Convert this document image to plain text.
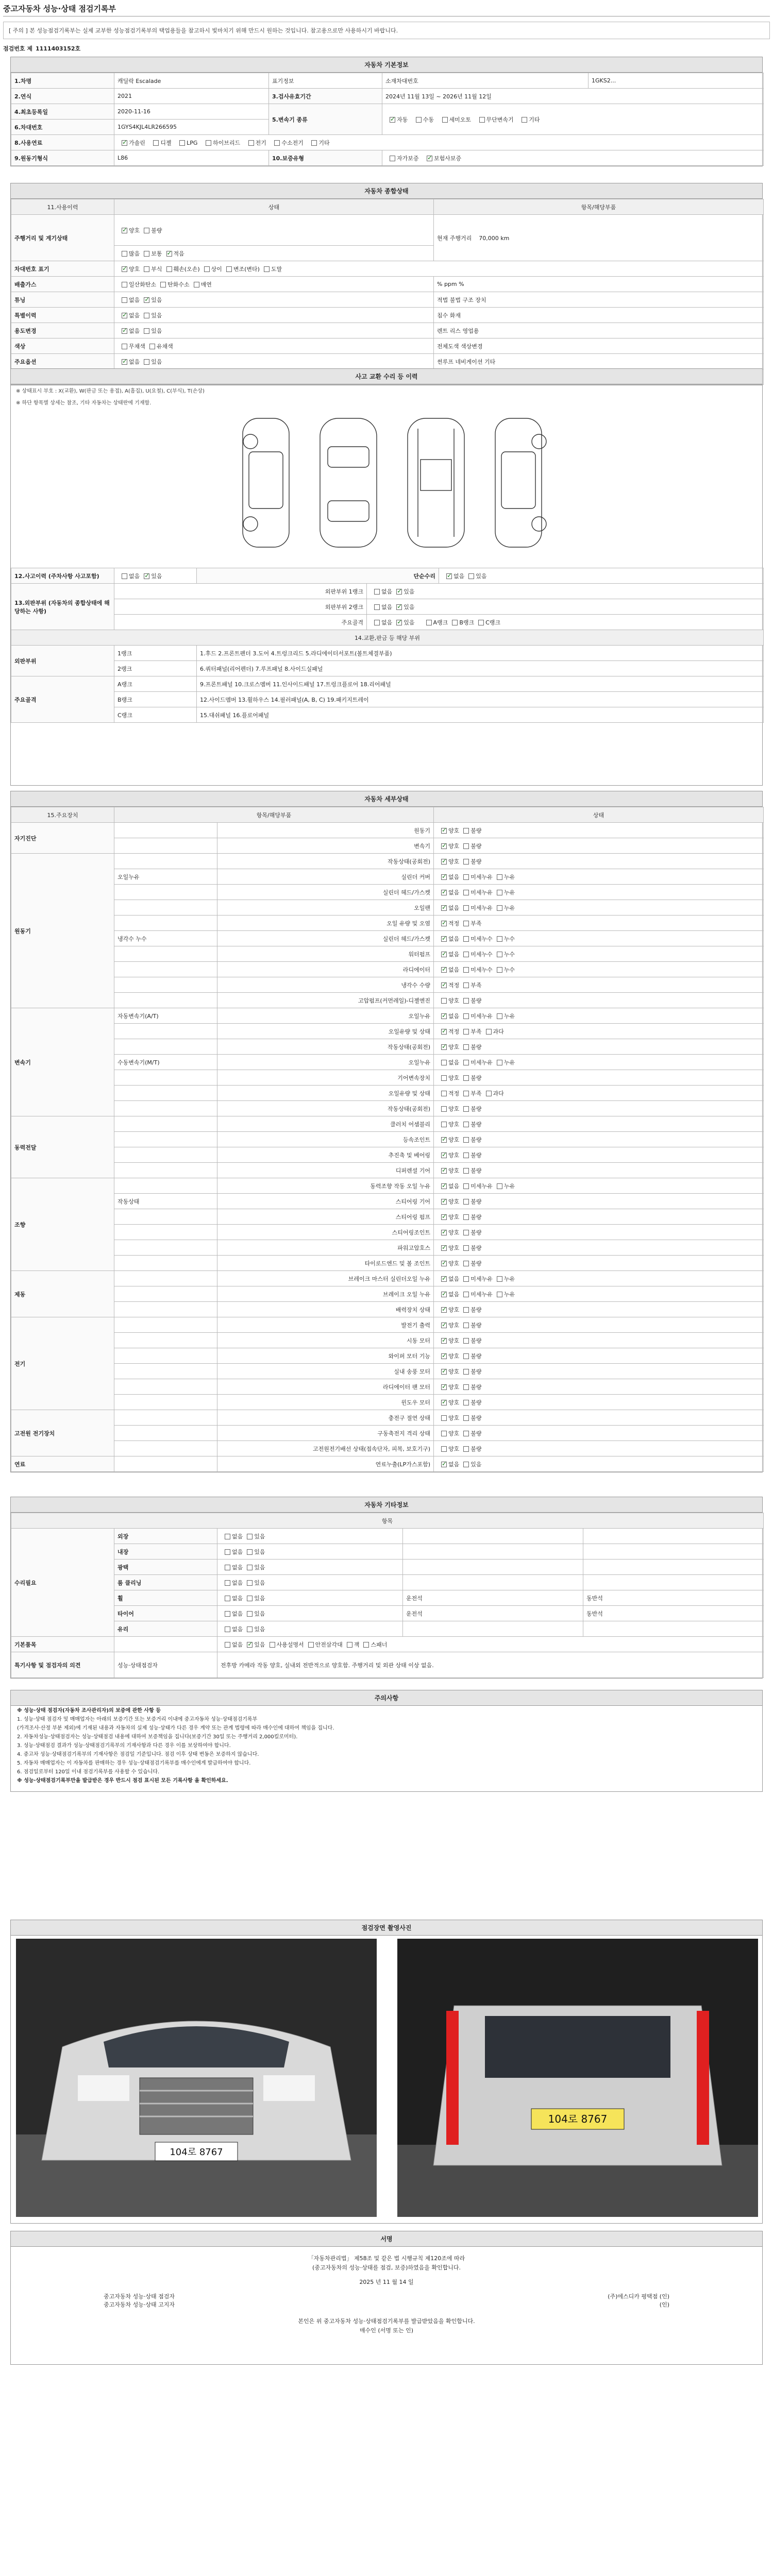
중고자동차 성능·상태 점검기록부
[ 주의 ] 본 성능점검기록부는 실제 교부한 성능점검기록부의 택업용들을 참고하시 빛마치기 위해 만드시 원하는 것입니다. 참고용으로만 사용하시기 바랍니다.
점검번호 제 1111403152호
자동차 기본정보
1.차명	캐딜락 Escalade	표기정보	소재차대번호	1GKS2...
2.연식	2021	3.검사유효기간	2024년 11월 13일 ~ 2026년 11월 12일	
4.최초등록일	2020-11-16	5.변속기 종류	✓자동 수동 세미오토 무단변속기 기타
6.차대번호	1GYS4KJL4LR266595			
8.사용연료	✓가솔린 디젤 LPG 하이브리드 전기 수소전기 기타
9.원동기형식	L86	10.보증유형	자가보증 ✓ 보험사보증
자동차 종합상태
11.사용이력	상태	항목/해당부품
주행거리 및 계기상태	✓양호 불량	현재 주행거리 70,000 km
	많음 보통 ✓ 적음
차대번호 표기	✓양호 부식 훼손(오손) 상이 변조(변타) 도말
배출가스	일산화탄소 탄화수소 매연	% ppm %
튜닝	없음 ✓ 있음	적법 불법 구조 장치
특별이력	✓없음 있음	침수 화재
용도변경	✓없음 있음	렌트 리스 영업용
색상	무채색 유채색	전체도색 색상변경
주요옵션	✓없음 있음	썬루프 네비게이션 기타
	✓	
사고 교환 수리 등 이력
※ 상태표시 부호 : X(교환), W(판금 또는 용접), A(흠집), U(요철), C(부식), T(손상)
※ 하단 항목별 상세는 참조, 기타 자동차는 상태란에 기재함.
12.사고이력 (주차사항 사고포함)	없음 ✓ 있음	단순수리	✓없음 있음
13.외판부위 (자동차의 종합상태에 해당하는 사항)	외판부위 1랭크		없음 ✓ 있음
	외판부위 2랭크		없음 ✓ 있음
	주요골격		없음 ✓ 있음 A랭크 B랭크 C랭크
14.교환,판금 등 해당 부위				
외판부위	1랭크	1.후드 2.프론트펜더 3.도어 4.트렁크리드 5.라디에이터서포트(볼트체결부품)		
	2랭크	6.쿼터패널(리어펜더) 7.루프패널 8.사이드실패널		
주요골격	A랭크	9.프론트패널 10.크로스멤버 11.인사이드패널 17.트렁크플로어 18.리어패널		
	B랭크	12.사이드멤버 13.휠하우스 14.필러패널(A, B, C) 19.패키지트레이		
	C랭크	15.대쉬패널 16.플로어패널		
자동차 세부상태
15.주요장치	항목/해당부품		상태
자기진단		원동기	✓양호 불량
		변속기	✓양호 불량
원동기		작동상태(공회전)	✓양호 불량
	오일누유	실린더 커버	✓없음 미세누유 누유
		실린더 헤드/가스켓	✓없음 미세누유 누유
		오일팬	✓없음 미세누유 누유
		오일 유량 및 오염	✓적정 부족
	냉각수 누수	실린더 헤드/가스켓	✓없음 미세누수 누수
		워터펌프	✓없음 미세누수 누수
		라디에이터	✓없음 미세누수 누수
		냉각수 수량	✓적정 부족
		고압펌프(커먼레일)-디젤엔진	양호 불량
변속기	자동변속기(A/T)	오일누유	✓없음 미세누유 누유
		오일유량 및 상태	✓적정 부족 과다
		작동상태(공회전)	✓양호 불량
	수동변속기(M/T)	오일누유	없음 미세누유 누유
		기어변속장치	양호 불량
		오일유량 및 상태	적정 부족 과다
		작동상태(공회전)	양호 불량
동력전달		클러치 어셈블리	양호 불량
		등속조인트	✓양호 불량
		추진축 및 베어링	✓양호 불량
		디퍼렌셜 기어	✓양호 불량
조향		동력조향 작동 오일 누유	✓없음 미세누유 누유
	작동상태	스티어링 기어	✓양호 불량
		스티어링 펌프	✓양호 불량
		스티어링조인트	✓양호 불량
		파워고압호스	✓양호 불량
		타이로드엔드 및 볼 조인트	✓양호 불량
제동		브레이크 마스터 실린더오일 누유	✓없음 미세누유 누유
		브레이크 오일 누유	✓없음 미세누유 누유
		배력장치 상태	✓양호 불량
전기		발전기 출력	✓양호 불량
		시동 모터	✓양호 불량
		와이퍼 모터 기능	✓양호 불량
		실내 송풍 모터	✓양호 불량
		라디에이터 팬 모터	✓양호 불량
		윈도우 모터	✓양호 불량
고전원 전기장치		충전구 절연 상태	양호 불량
		구동축전지 격리 상태	양호 불량
		고전원전기배선 상태(접속단자, 피복, 보호기구)	양호 불량
연료		연료누출(LP가스포함)	✓없음 있음
자동차 기타정보
항목				
수리필요	외장	없음 있음		
	내장	없음 있음		
	광택	없음 있음		
	룸 클리닝	없음 있음		
	휠	없음 있음	운전석	동반석
	타이어	없음 있음	운전석	동반석
	유리	없음 있음		
기본품목		없음 ✓ 있음 사용설명서 안전삼각대 잭 스패너
특기사항 및 점검자의 의견	성능·상태점검자	전후방 카메라 작동 양호, 실내외 전반적으로 양호함. 주행거리 및 외관 상태 이상 없음.		
주의사항

※ 성능·상태 점검자(자동차 조사관리자)의 보증에 관한 사항 등

1. 성능·상태 점검자 및 매매업자는 아래의 보증기간 또는 보증거리 이내에 중고자동차 성능·상태점검기록부

(가격조사·산정 부분 제외)에 기재된 내용과 자동차의 실제 성능·상태가 다른 경우 계약 또는 관계 법령에 따라 매수인에 대하여 책임을 집니다.

2. 자동차성능·상태점검자는 성능·상태점검 내용에 대하여 보증책임을 집니다(보증기간 30일 또는 주행거리 2,000킬로미터).

3. 성능·상태점검 결과가 성능·상태점검기록부의 기재사항과 다른 경우 이를 보상하여야 합니다.

4. 중고차 성능·상태점검기록부의 기재사항은 점검일 기준입니다. 점검 이후 상태 변동은 보증하지 않습니다.

5. 자동차 매매업자는 이 자동차를 판매하는 경우 성능·상태점검기록부를 매수인에게 발급하여야 합니다.

6. 점검일로부터 120일 이내 점검기록부를 사용할 수 있습니다.

※ 성능·상태점검기록부만을 발급받은 경우 반드시 점검 표시된 모든 기록사항 을 확인하세요.

점검장면 촬영사진
104로 8767
104로 8767
서명
「자동차관리법」 제58조 및 같은 법 시행규칙 제120조에 따라
(중고자동차의 성능·상태를 점검, 보증)하였음을 확인합니다.
2025 년 11 월 14 일
중고자동차 성능·상태 점검자
중고자동차 성능·상태 고지자
(주)에스디카 평택점 (인)
(인)
본인은 위 중고자동차 성능·상태점검기록부를 발급받았음을 확인합니다.
매수인 (서명 또는 인)
